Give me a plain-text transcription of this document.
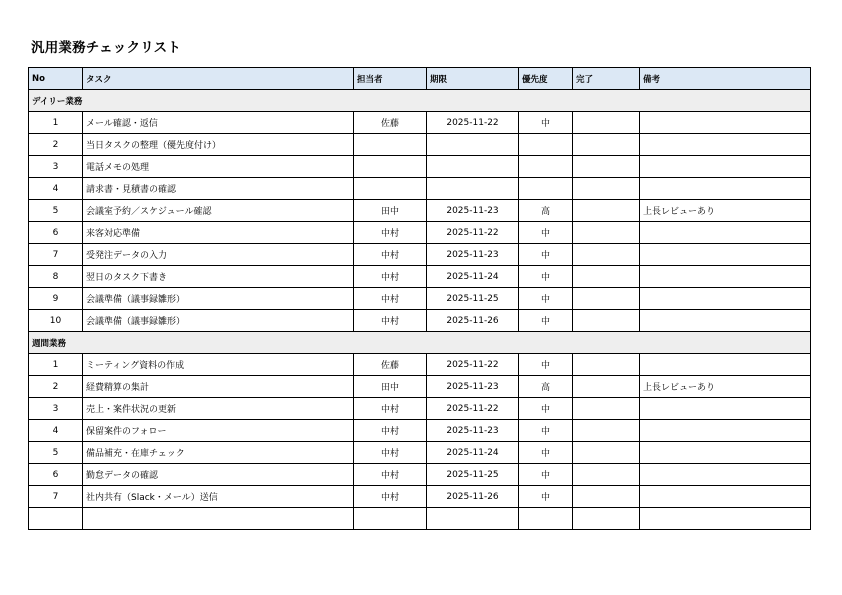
汎用業務チェックリスト
No	タスク	担当者	期限	優先度	完了	備考
デイリー業務						
1	メール確認・返信	佐藤	2025-11-22	中		
2	当日タスクの整理（優先度付け）					
3	電話メモの処理					
4	請求書・見積書の確認					
5	会議室予約／スケジュール確認	田中	2025-11-23	高		上長レビューあり
6	来客対応準備	中村	2025-11-22	中		
7	受発注データの入力	中村	2025-11-23	中		
8	翌日のタスク下書き	中村	2025-11-24	中		
9	会議準備（議事録雛形）	中村	2025-11-25	中		
10	会議準備（議事録雛形）	中村	2025-11-26	中		
週間業務						
1	ミーティング資料の作成	佐藤	2025-11-22	中		
2	経費精算の集計	田中	2025-11-23	高		上長レビューあり
3	売上・案件状況の更新	中村	2025-11-22	中		
4	保留案件のフォロー	中村	2025-11-23	中		
5	備品補充・在庫チェック	中村	2025-11-24	中		
6	勤怠データの確認	中村	2025-11-25	中		
7	社内共有（Slack・メール）送信	中村	2025-11-26	中		
